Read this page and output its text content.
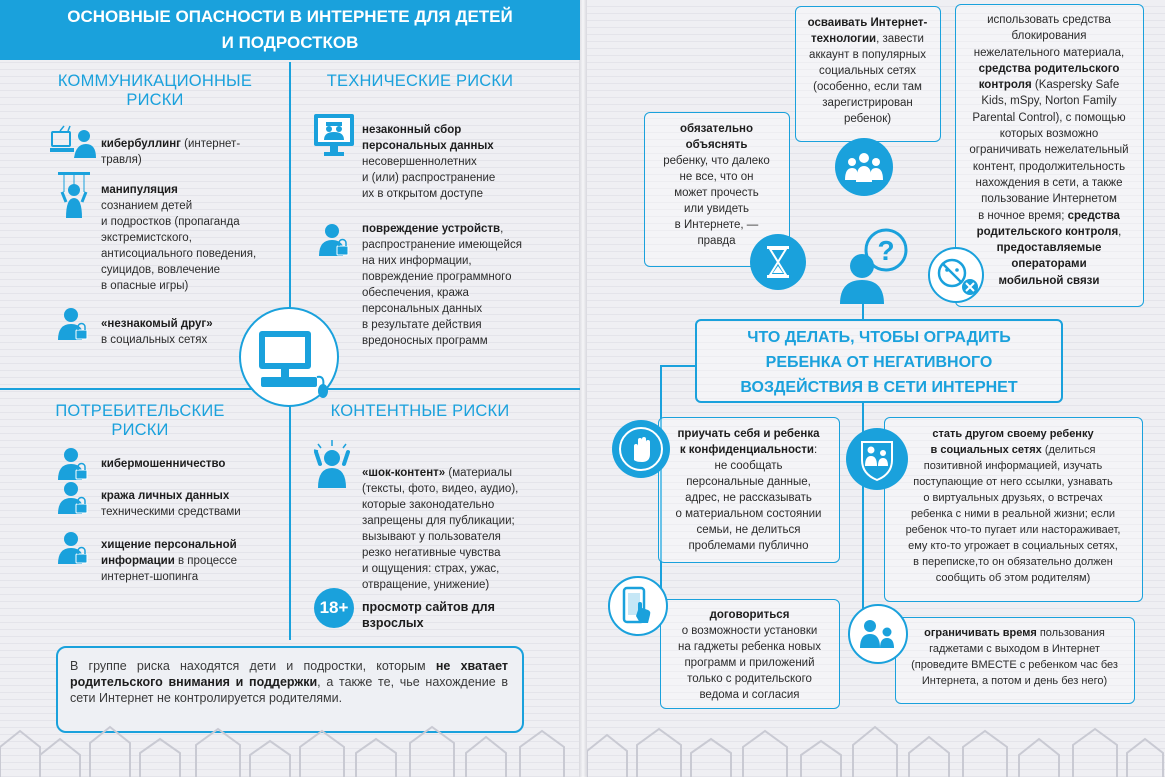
ОСНОВНЫЕ ОПАСНОСТИ В ИНТЕРНЕТЕ ДЛЯ ДЕТЕЙ
И ПОДРОСТКОВ
КОММУНИКАЦИОННЫЕ
РИСКИ
кибербуллинг (интернет-
травля)
манипуляция
сознанием детей
и подростков (пропаганда
экстремистского,
антисоциального поведения,
суицидов, вовлечение
в опасные игры)
«незнакомый друг»
в социальных сетях
ТЕХНИЧЕСКИЕ РИСКИ
незаконный сбор
персональных данных
несовершеннолетних
и (или) распространение
их в открытом доступе
повреждение устройств,
распространение имеющейся
на них информации,
повреждение программного
обеспечения, кража
персональных данных
в результате действия
вредоносных программ
ПОТРЕБИТЕЛЬСКИЕ
РИСКИ
кибермошенничество
кража личных данных
техническими средствами
хищение персональной
информации в процессе
интернет-шопинга
КОНТЕНТНЫЕ РИСКИ
«шок-контент» (материалы
(тексты, фото, видео, аудио),
которые законодательно
запрещены для публикации;
вызывают у пользователя
резко негативные чувства
и ощущения: страх, ужас,
отвращение, унижение)
18+	просмотр сайтов для
взрослых
В группе риска находятся дети и подростки, которым не хватает родительского внимания и поддержки, а также те, чье нахождение в сети Интернет не контролируется родителями.
обязательно
объяснять
ребенку, что далеко
не все, что он
может прочесть
или увидеть
в Интернете, —
правда
осваивать Интернет-
технологии, завести
аккаунт в популярных
социальных сетях
(особенно, если там
зарегистрирован
ребенок)
?
использовать средства
блокирования
нежелательного материала,
средства родительского
контроля (Kaspersky Safe
Kids, mSpy, Norton Family
Parental Control), с помощью
которых возможно
ограничивать нежелательный
контент, продолжительность
нахождения в сети, а также
пользование Интернетом
в ночное время; средства
родительского контроля,
предоставляемые
операторами
мобильной связи
ЧТО ДЕЛАТЬ, ЧТОБЫ ОГРАДИТЬ
РЕБЕНКА ОТ НЕГАТИВНОГО
ВОЗДЕЙСТВИЯ В СЕТИ ИНТЕРНЕТ
приучать себя и ребенка
к конфиденциальности:
не сообщать
персональные данные,
адрес, не рассказывать
о материальном состоянии
семьи, не делиться
проблемами публично
стать другом своему ребенку
в социальных сетях (делиться
позитивной информацией, изучать
поступающие от него ссылки, узнавать
о виртуальных друзьях, о встречах
ребенка с ними в реальной жизни; если
ребенок что-то пугает или настораживает,
ему кто-то угрожает в социальных сетях,
в переписке,то он обязательно должен
сообщить об этом родителям)
договориться
о возможности установки
на гаджеты ребенка новых
программ и приложений
только с родительского
ведома и согласия
ограничивать время пользования
гаджетами с выходом в Интернет
(проведите ВМЕСТЕ с ребенком час без
Интернета, а потом и день без него)
